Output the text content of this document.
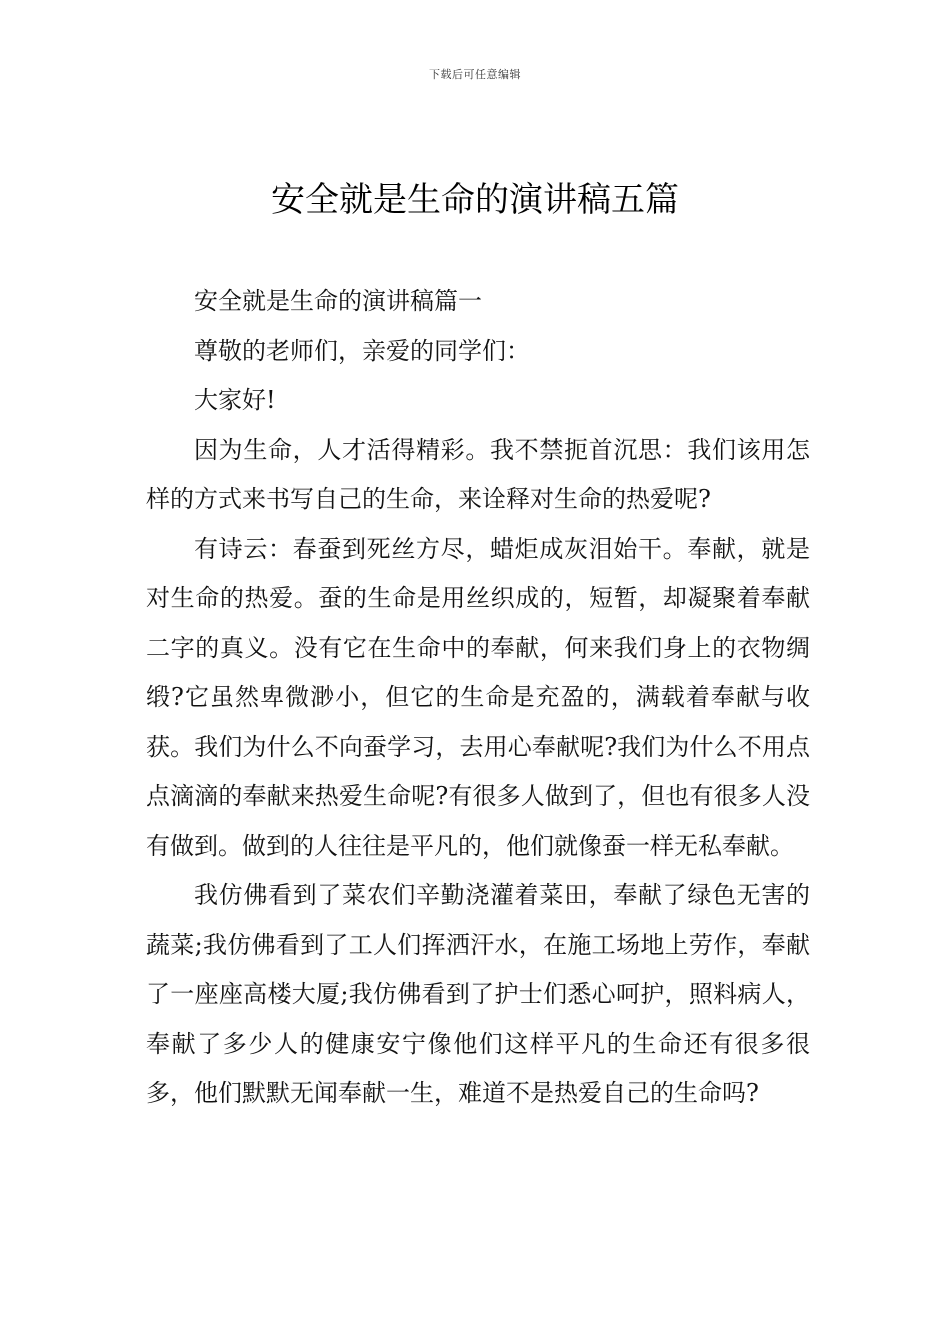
下载后可任意编辑
安全就是生命的演讲稿五篇

安全就是生命的演讲稿篇一

尊敬的老师们，亲爱的同学们：

大家好!

因为生命，人才活得精彩。我不禁扼首沉思：我们该用怎样的方式来书写自己的生命，来诠释对生命的热爱呢?

有诗云：春蚕到死丝方尽，蜡炬成灰泪始干。奉献，就是对生命的热爱。蚕的生命是用丝织成的，短暂，却凝聚着奉献二字的真义。没有它在生命中的奉献，何来我们身上的衣物绸缎?它虽然卑微渺小，但它的生命是充盈的，满载着奉献与收获。我们为什么不向蚕学习，去用心奉献呢?我们为什么不用点点滴滴的奉献来热爱生命呢?有很多人做到了，但也有很多人没有做到。做到的人往往是平凡的，他们就像蚕一样无私奉献。

我仿佛看到了菜农们辛勤浇灌着菜田，奉献了绿色无害的蔬菜;我仿佛看到了工人们挥洒汗水，在施工场地上劳作，奉献了一座座高楼大厦;我仿佛看到了护士们悉心呵护，照料病人，奉献了多少人的健康安宁像他们这样平凡的生命还有很多很多，他们默默无闻奉献一生，难道不是热爱自己的生命吗?
